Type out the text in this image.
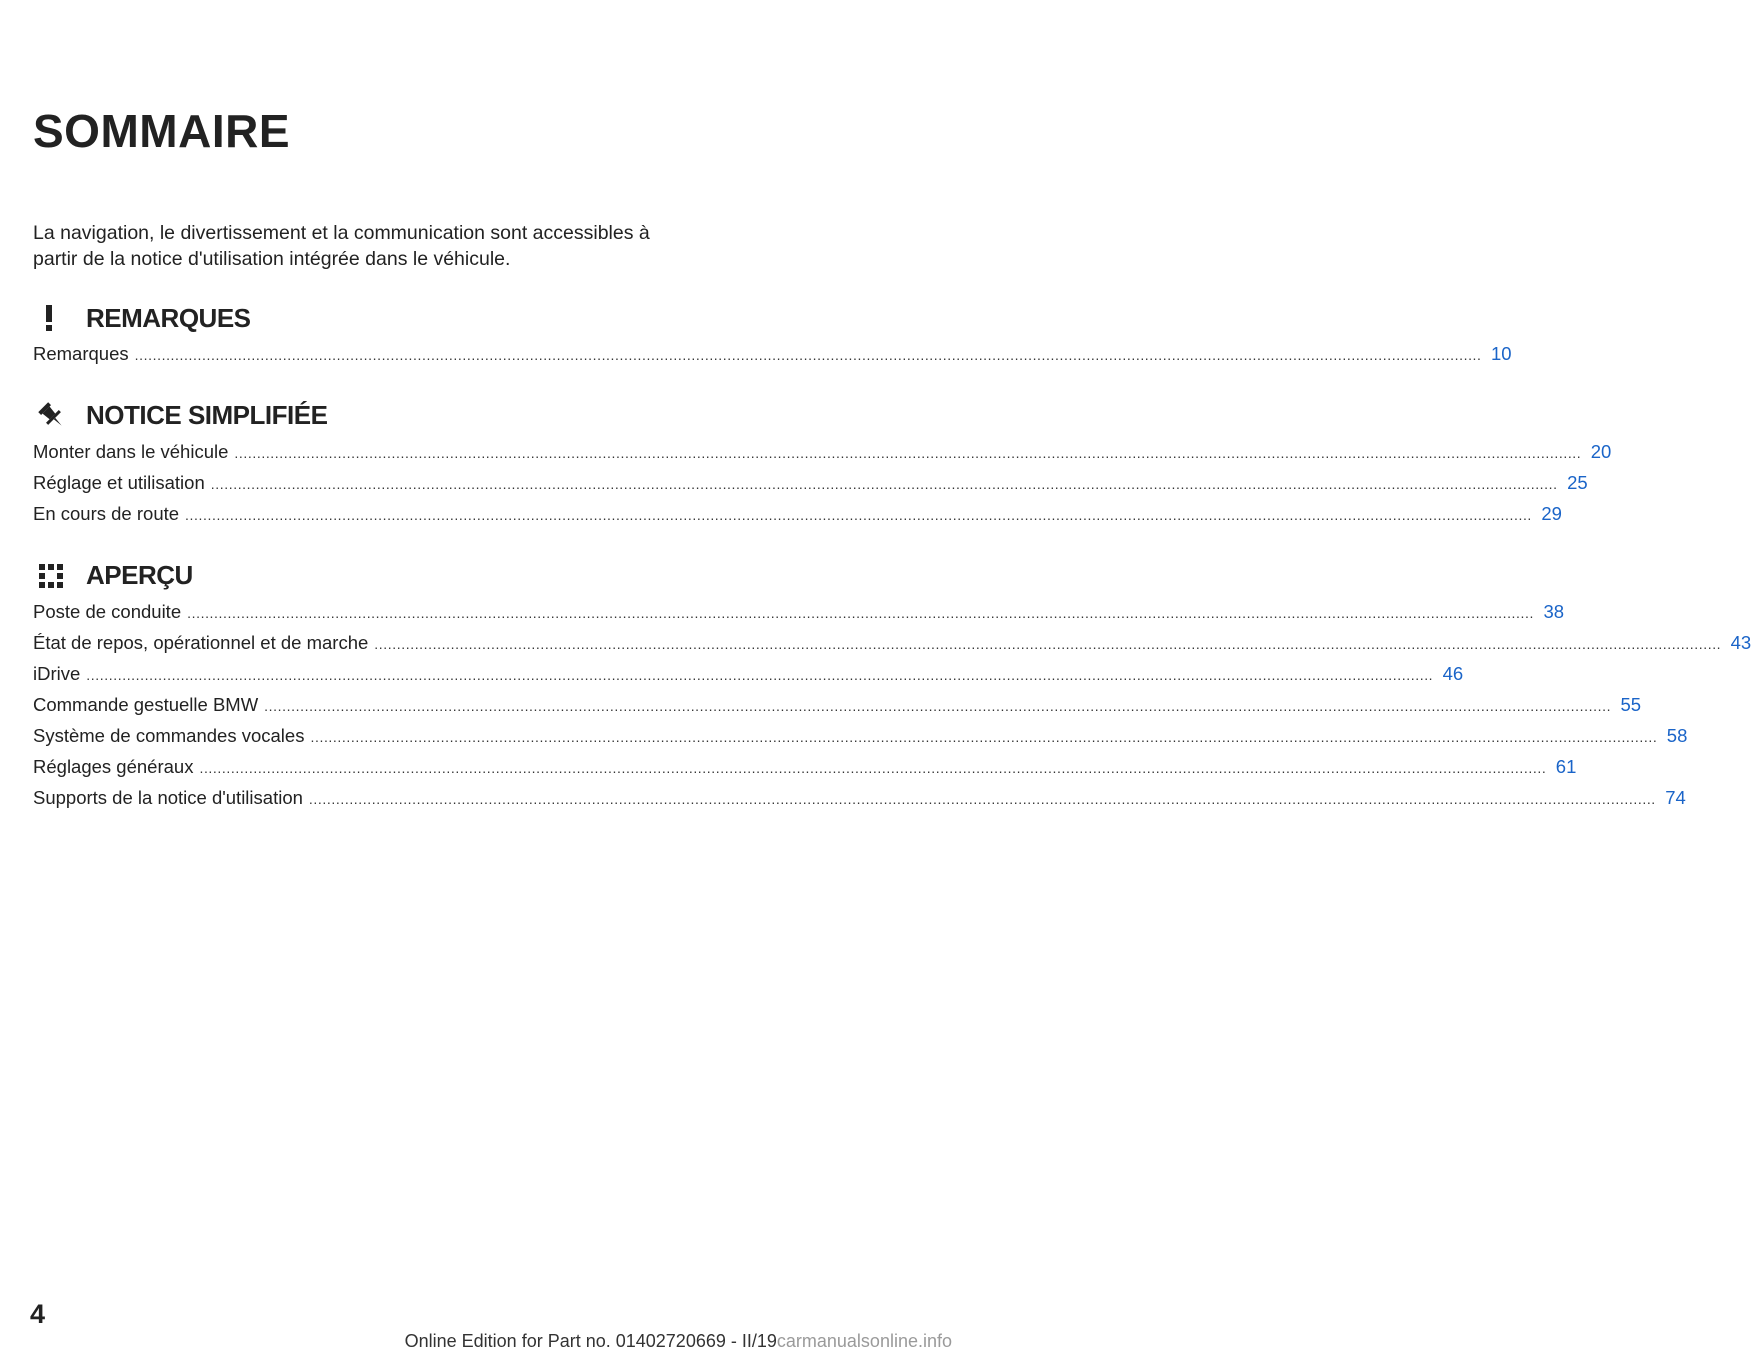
SOMMAIRE

La navigation, le divertissement et la communication sont accessibles à partir de la notice d'utilisation intégrée dans le véhicule.

REMARQUES
Remarques ............................................................................................................................................................................................................................................................................................................ 10
NOTICE SIMPLIFIÉE
Monter dans le véhicule ............................................................................................................................................................................................................................................................................................................ 20
Réglage et utilisation ............................................................................................................................................................................................................................................................................................................ 25
En cours de route ............................................................................................................................................................................................................................................................................................................ 29
APERÇU
Poste de conduite ............................................................................................................................................................................................................................................................................................................ 38
État de repos, opérationnel et de marche ............................................................................................................................................................................................................................................................................................................ 43
iDrive ............................................................................................................................................................................................................................................................................................................ 46
Commande gestuelle BMW ............................................................................................................................................................................................................................................................................................................ 55
Système de commandes vocales ............................................................................................................................................................................................................................................................................................................ 58
Réglages généraux ............................................................................................................................................................................................................................................................................................................ 61
Supports de la notice d'utilisation ............................................................................................................................................................................................................................................................................................................ 74
4
Online Edition for Part no. 01402720669 - II/19carmanualsonline.info
